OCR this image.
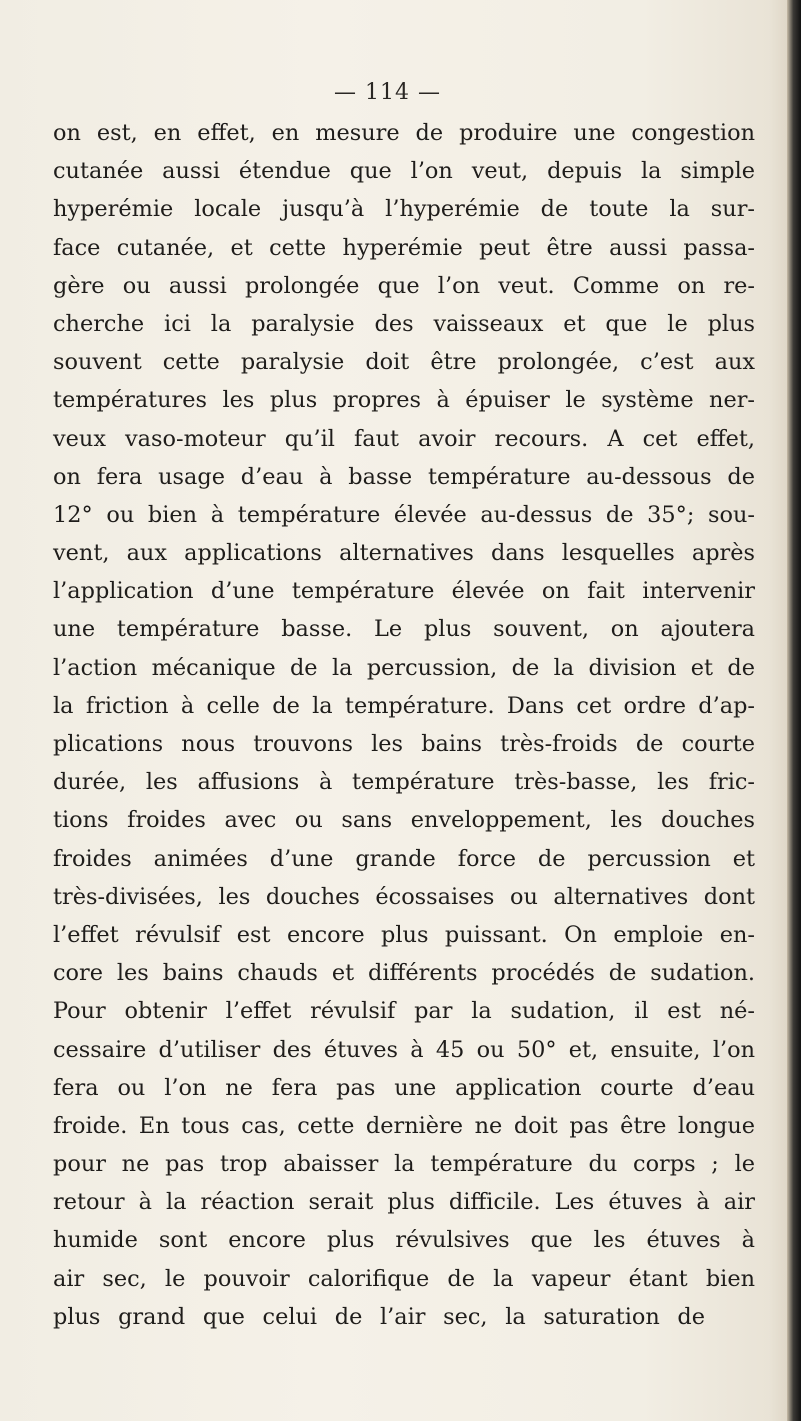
— 114 —
on est, en effet, en mesure de produire une congestion
cutanée aussi étendue que l’on veut, depuis la simple
hyperémie locale jusqu’à l’hyperémie de toute la sur-
face cutanée, et cette hyperémie peut être aussi passa-
gère ou aussi prolongée que l’on veut. Comme on re-
cherche ici la paralysie des vaisseaux et que le plus
souvent cette paralysie doit être prolongée, c’est aux
températures les plus propres à épuiser le système ner-
veux vaso-moteur qu’il faut avoir recours. A cet effet,
on fera usage d’eau à basse température au-dessous de
12° ou bien à température élevée au-dessus de 35°; sou-
vent, aux applications alternatives dans lesquelles après
l’application d’une température élevée on fait intervenir
une température basse. Le plus souvent, on ajoutera
l’action mécanique de la percussion, de la division et de
la friction à celle de la température. Dans cet ordre d’ap-
plications nous trouvons les bains très-froids de courte
durée, les affusions à température très-basse, les fric-
tions froides avec ou sans enveloppement, les douches
froides animées d’une grande force de percussion et
très-divisées, les douches écossaises ou alternatives dont
l’effet révulsif est encore plus puissant. On emploie en-
core les bains chauds et différents procédés de sudation.
Pour obtenir l’effet révulsif par la sudation, il est né-
cessaire d’utiliser des étuves à 45 ou 50° et, ensuite, l’on
fera ou l’on ne fera pas une application courte d’eau
froide. En tous cas, cette dernière ne doit pas être longue
pour ne pas trop abaisser la température du corps ; le
retour à la réaction serait plus difficile. Les étuves à air
humide sont encore plus révulsives que les étuves à
air sec, le pouvoir calorifique de la vapeur étant bien
plus grand que celui de l’air sec, la saturation de
